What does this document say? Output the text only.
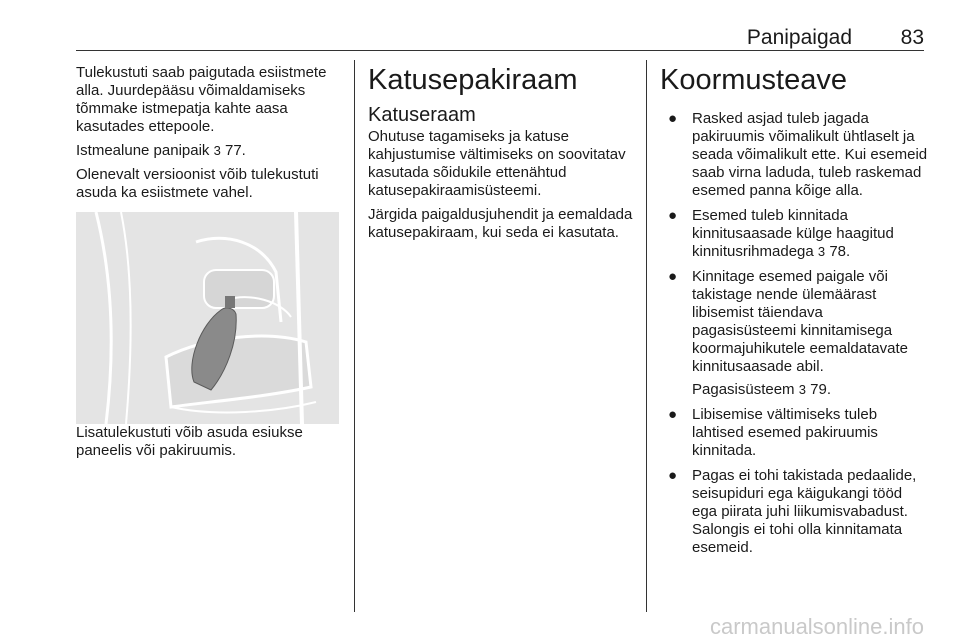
Panipaigad 83

Tulekustuti saab paigutada esiistmete alla. Juurdepääsu võimaldamiseks tõmmake istmepatja kahte aasa kasutades ettepoole.

Istmealune panipaik 3 77.

Olenevalt versioonist võib tulekustuti asuda ka esiistmete vahel.

Lisatulekustuti võib asuda esiukse paneelis või pakiruumis.

Katusepakiraam
Katuseraam

Ohutuse tagamiseks ja katuse kahjustumise vältimiseks on soovitatav kasutada sõidukile ettenähtud katusepakiraamisüsteemi.

Järgida paigaldusjuhendit ja eemaldada katusepakiraam, kui seda ei kasutata.

Koormusteave
● Rasked asjad tuleb jagada pakiruumis võimalikult ühtlaselt ja seada võimalikult ette. Kui esemeid saab virna laduda, tuleb raskemad esemed panna kõige alla.

● Esemed tuleb kinnitada kinnitusaasade külge haagitud kinnitusrihmadega 3 78.

● Kinnitage esemed paigale või takistage nende ülemäärast libisemist täiendava pagasisüsteemi kinnitamisega koormajuhikutele eemaldatavate kinnitusaasade abil.

Pagasisüsteem 3 79.

● Libisemise vältimiseks tuleb lahtised esemed pakiruumis kinnitada.

● Pagas ei tohi takistada pedaalide, seisupiduri ega käigukangi tööd ega piirata juhi liikumisvabadust. Salongis ei tohi olla kinnitamata esemeid.

carmanualsonline.info
